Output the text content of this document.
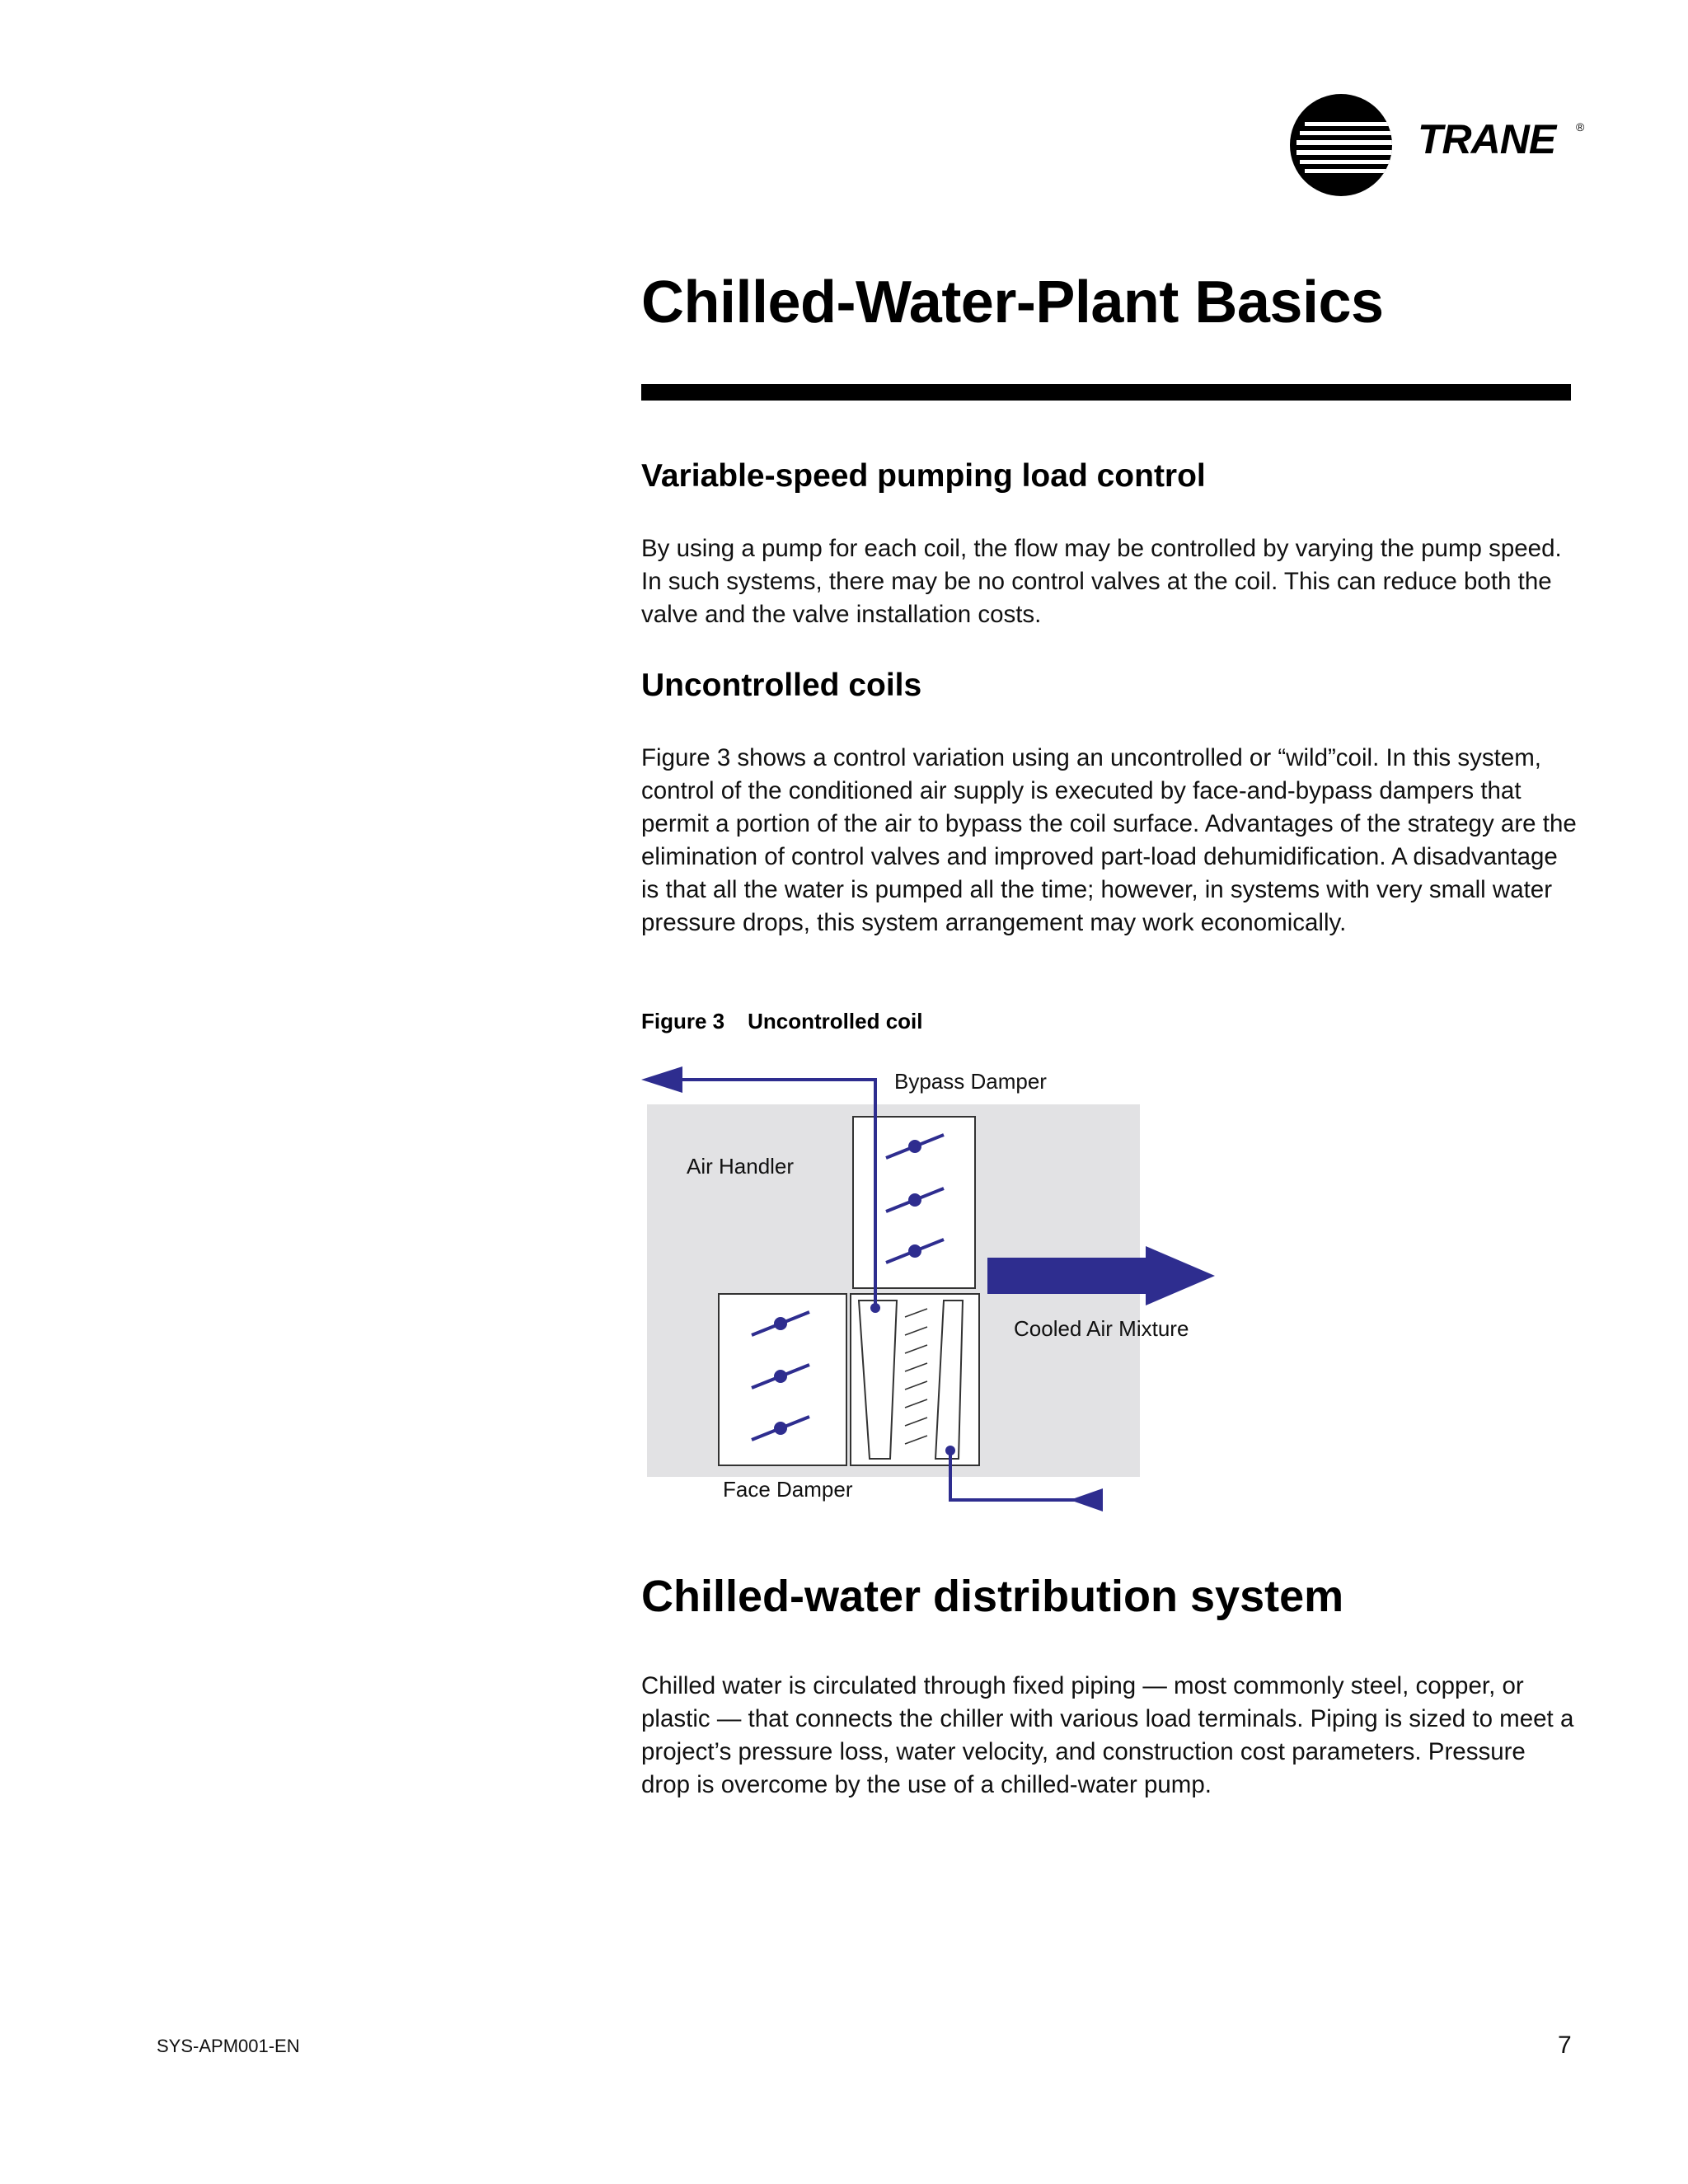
TRANE ®
Chilled-Water-Plant Basics
Variable-speed pumping load control

By using a pump for each coil, the flow may be controlled by varying the pump speed. In such systems, there may be no control valves at the coil. This can reduce both the valve and the valve installation costs.

Uncontrolled coils

Figure 3 shows a control variation using an uncontrolled or “wild”coil. In this system, control of the conditioned air supply is executed by face-and-bypass dampers that permit a portion of the air to bypass the coil surface. Advantages of the strategy are the elimination of control valves and improved part-load dehumidification. A disadvantage is that all the water is pumped all the time; however, in systems with very small water pressure drops, this system arrangement may work economically.

Figure 3 Uncontrolled coil
Bypass Damper
Air Handler
Cooled Air Mixture
Face Damper
Chilled-water distribution system

Chilled water is circulated through fixed piping — most commonly steel, copper, or plastic — that connects the chiller with various load terminals. Piping is sized to meet a project’s pressure loss, water velocity, and construction cost parameters. Pressure drop is overcome by the use of a chilled-water pump.

SYS-APM001-EN	7
